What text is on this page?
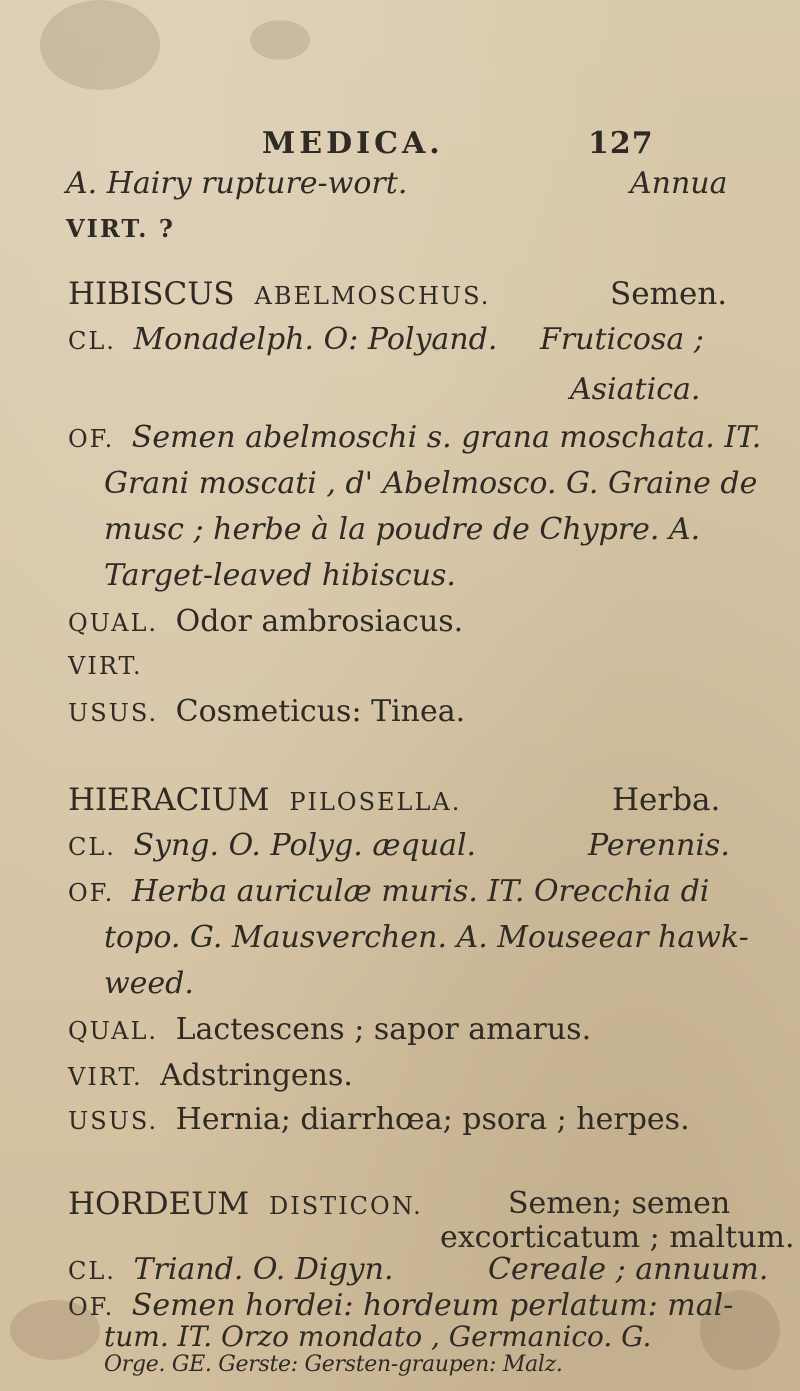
MEDICA.	127
A. Hairy rupture-wort.	Annua
VIRT. ?
HIBISCUS ABELMOSCHUS.	Semen.
CL. Monadelph. O: Polyand. Fruticosa ;
Asiatica.
OF. Semen abelmoschi s. grana moschata. IT.
Grani moscati , d' Abelmosco. G. Graine de
musc ; herbe à la poudre de Chypre. A.
Target-leaved hibiscus.
QUAL. Odor ambrosiacus.
VIRT.
USUS. Cosmeticus: Tinea.
HIERACIUM PILOSELLA.	Herba.
CL. Syng. O. Polyg. æqual.	Perennis.
OF. Herba auriculæ muris. IT. Orecchia di
topo. G. Mausverchen. A. Mouseear hawk-
weed.
QUAL. Lactescens ; sapor amarus.
VIRT. Adstringens.
USUS. Hernia; diarrhœa; psora ; herpes.
HORDEUM DISTICON.	Semen; semen
excorticatum ; maltum.
CL. Triand. O. Digyn.	Cereale ; annuum.
OF. Semen hordei: hordeum perlatum: mal-
tum. IT. Orzo mondato , Germanico. G.
Orge. GE. Gerste: Gersten-graupen: Malz.
